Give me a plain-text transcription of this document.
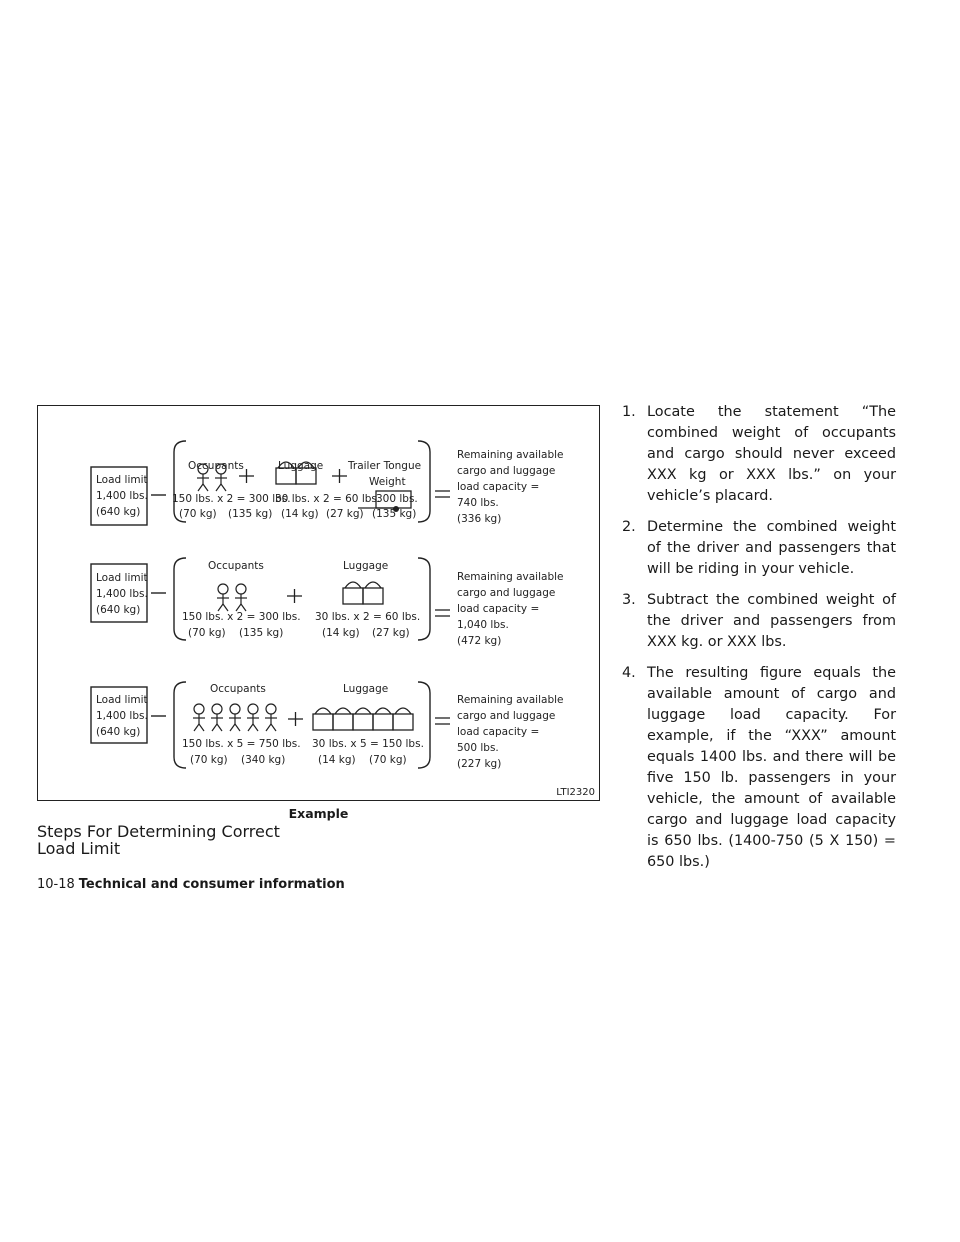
Load limit
1,400 lbs.
(640 kg)
Occupants	Luggage Trailer Tongue
Weight
150 lbs. x 2 = 300 lbs.
(70 kg) (135 kg)
30 lbs. x 2 = 60 lbs.
(14 kg) (27 kg)
300 lbs.
(135 kg)
Remaining available
cargo and luggage
load capacity =
740 lbs.
(336 kg)
Load limit
1,400 lbs.
(640 kg)
Occupants	Luggage
150 lbs. x 2 = 300 lbs.
(70 kg) (135 kg)
30 lbs. x 2 = 60 lbs.
(14 kg) (27 kg)
Remaining available
cargo and luggage
load capacity =
1,040 lbs.
(472 kg)
Load limit
1,400 lbs.
(640 kg)
Occupants	Luggage
150 lbs. x 5 = 750 lbs.
(70 kg) (340 kg)
30 lbs. x 5 = 150 lbs.
(14 kg) (70 kg)
Remaining available
cargo and luggage
load capacity =
500 lbs.
(227 kg)
LTI2320
Example
Steps For Determining Correct
Load Limit
10-18 Technical and consumer information
1. Locate the statement “The combined weight of occupants and cargo should never exceed XXX kg or XXX lbs.” on your vehicle’s placard.
2. Determine the combined weight of the driver and passengers that will be riding in your vehicle.
3. Subtract the combined weight of the driver and passengers from XXX kg. or XXX lbs.
4. The resulting figure equals the available amount of cargo and luggage load capacity. For example, if the “XXX” amount equals 1400 lbs. and there will be five 150 lb. passengers in your vehicle, the amount of available cargo and luggage load capacity is 650 lbs. (1400-750 (5 X 150) = 650 lbs.)
